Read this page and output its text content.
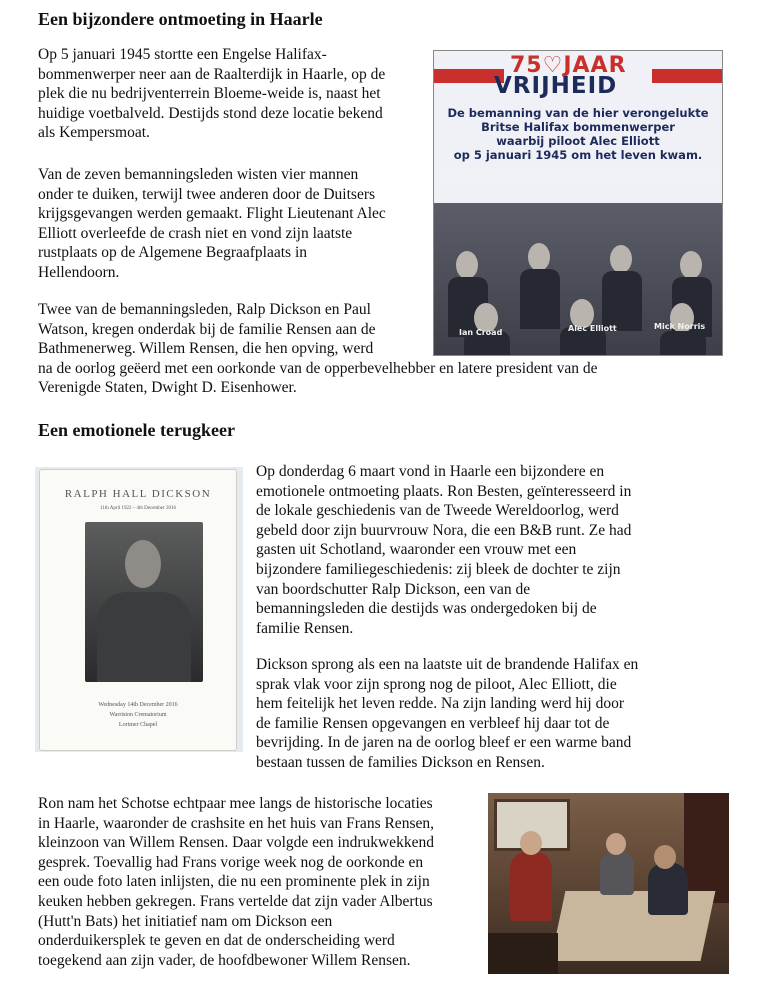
Een bijzondere ontmoeting in Haarle
Op 5 januari 1945 stortte een Engelse Halifax-
bommenwerper neer aan de Raalterdijk in Haarle, op de
plek die nu bedrijventerrein Bloeme-weide is, naast het
huidige voetbalveld. Destijds stond deze locatie bekend
als Kempersmoat.
Van de zeven bemanningsleden wisten vier mannen
onder te duiken, terwijl twee anderen door de Duitsers
krijgsgevangen werden gemaakt. Flight Lieutenant Alec
Elliott overleefde de crash niet en vond zijn laatste
rustplaats op de Algemene Begraafplaats in
Hellendoorn.
Twee van de bemanningsleden, Ralp Dickson en Paul
Watson, kregen onderdak bij de familie Rensen aan de
Bathmenerweg. Willem Rensen, die hen opving, werd
na de oorlog geëerd met een oorkonde van de opperbevelhebber en latere president van de
Verenigde Staten, Dwight D. Eisenhower.
75♡JAAR
VRIJHEID
De bemanning van de hier verongelukte
Britse Halifax bommenwerper
waarbij piloot Alec Elliott
op 5 januari 1945 om het leven kwam.
Paul Watson Don Mac. Mahon Ralph Dickson William Blyth Morton
Ian Croad	Alec Elliott	Mick Norris
Een emotionele terugkeer
RALPH HALL DICKSON
11th April 1922 – 4th December 2016
Wednesday 14th December 2016
Warriston Crematorium
Lorimer Chapel
Op donderdag 6 maart vond in Haarle een bijzondere en
emotionele ontmoeting plaats. Ron Besten, geïnteresseerd in
de lokale geschiedenis van de Tweede Wereldoorlog, werd
gebeld door zijn buurvrouw Nora, die een B&B runt. Ze had
gasten uit Schotland, waaronder een vrouw met een
bijzondere familiegeschiedenis: zij bleek de dochter te zijn
van boordschutter Ralp Dickson, een van de
bemanningsleden die destijds was ondergedoken bij de
familie Rensen.
Dickson sprong als een na laatste uit de brandende Halifax en
sprak vlak voor zijn sprong nog de piloot, Alec Elliott, die
hem feitelijk het leven redde. Na zijn landing werd hij door
de familie Rensen opgevangen en verbleef hij daar tot de
bevrijding. In de jaren na de oorlog bleef er een warme band
bestaan tussen de families Dickson en Rensen.
Ron nam het Schotse echtpaar mee langs de historische locaties
in Haarle, waaronder de crashsite en het huis van Frans Rensen,
kleinzoon van Willem Rensen. Daar volgde een indrukwekkend
gesprek. Toevallig had Frans vorige week nog de oorkonde en
een oude foto laten inlijsten, die nu een prominente plek in zijn
keuken hebben gekregen. Frans vertelde dat zijn vader Albertus
(Hutt'n Bats) het initiatief nam om Dickson een
onderduikersplek te geven en dat de onderscheiding werd
toegekend aan zijn vader, de hoofdbewoner Willem Rensen.
